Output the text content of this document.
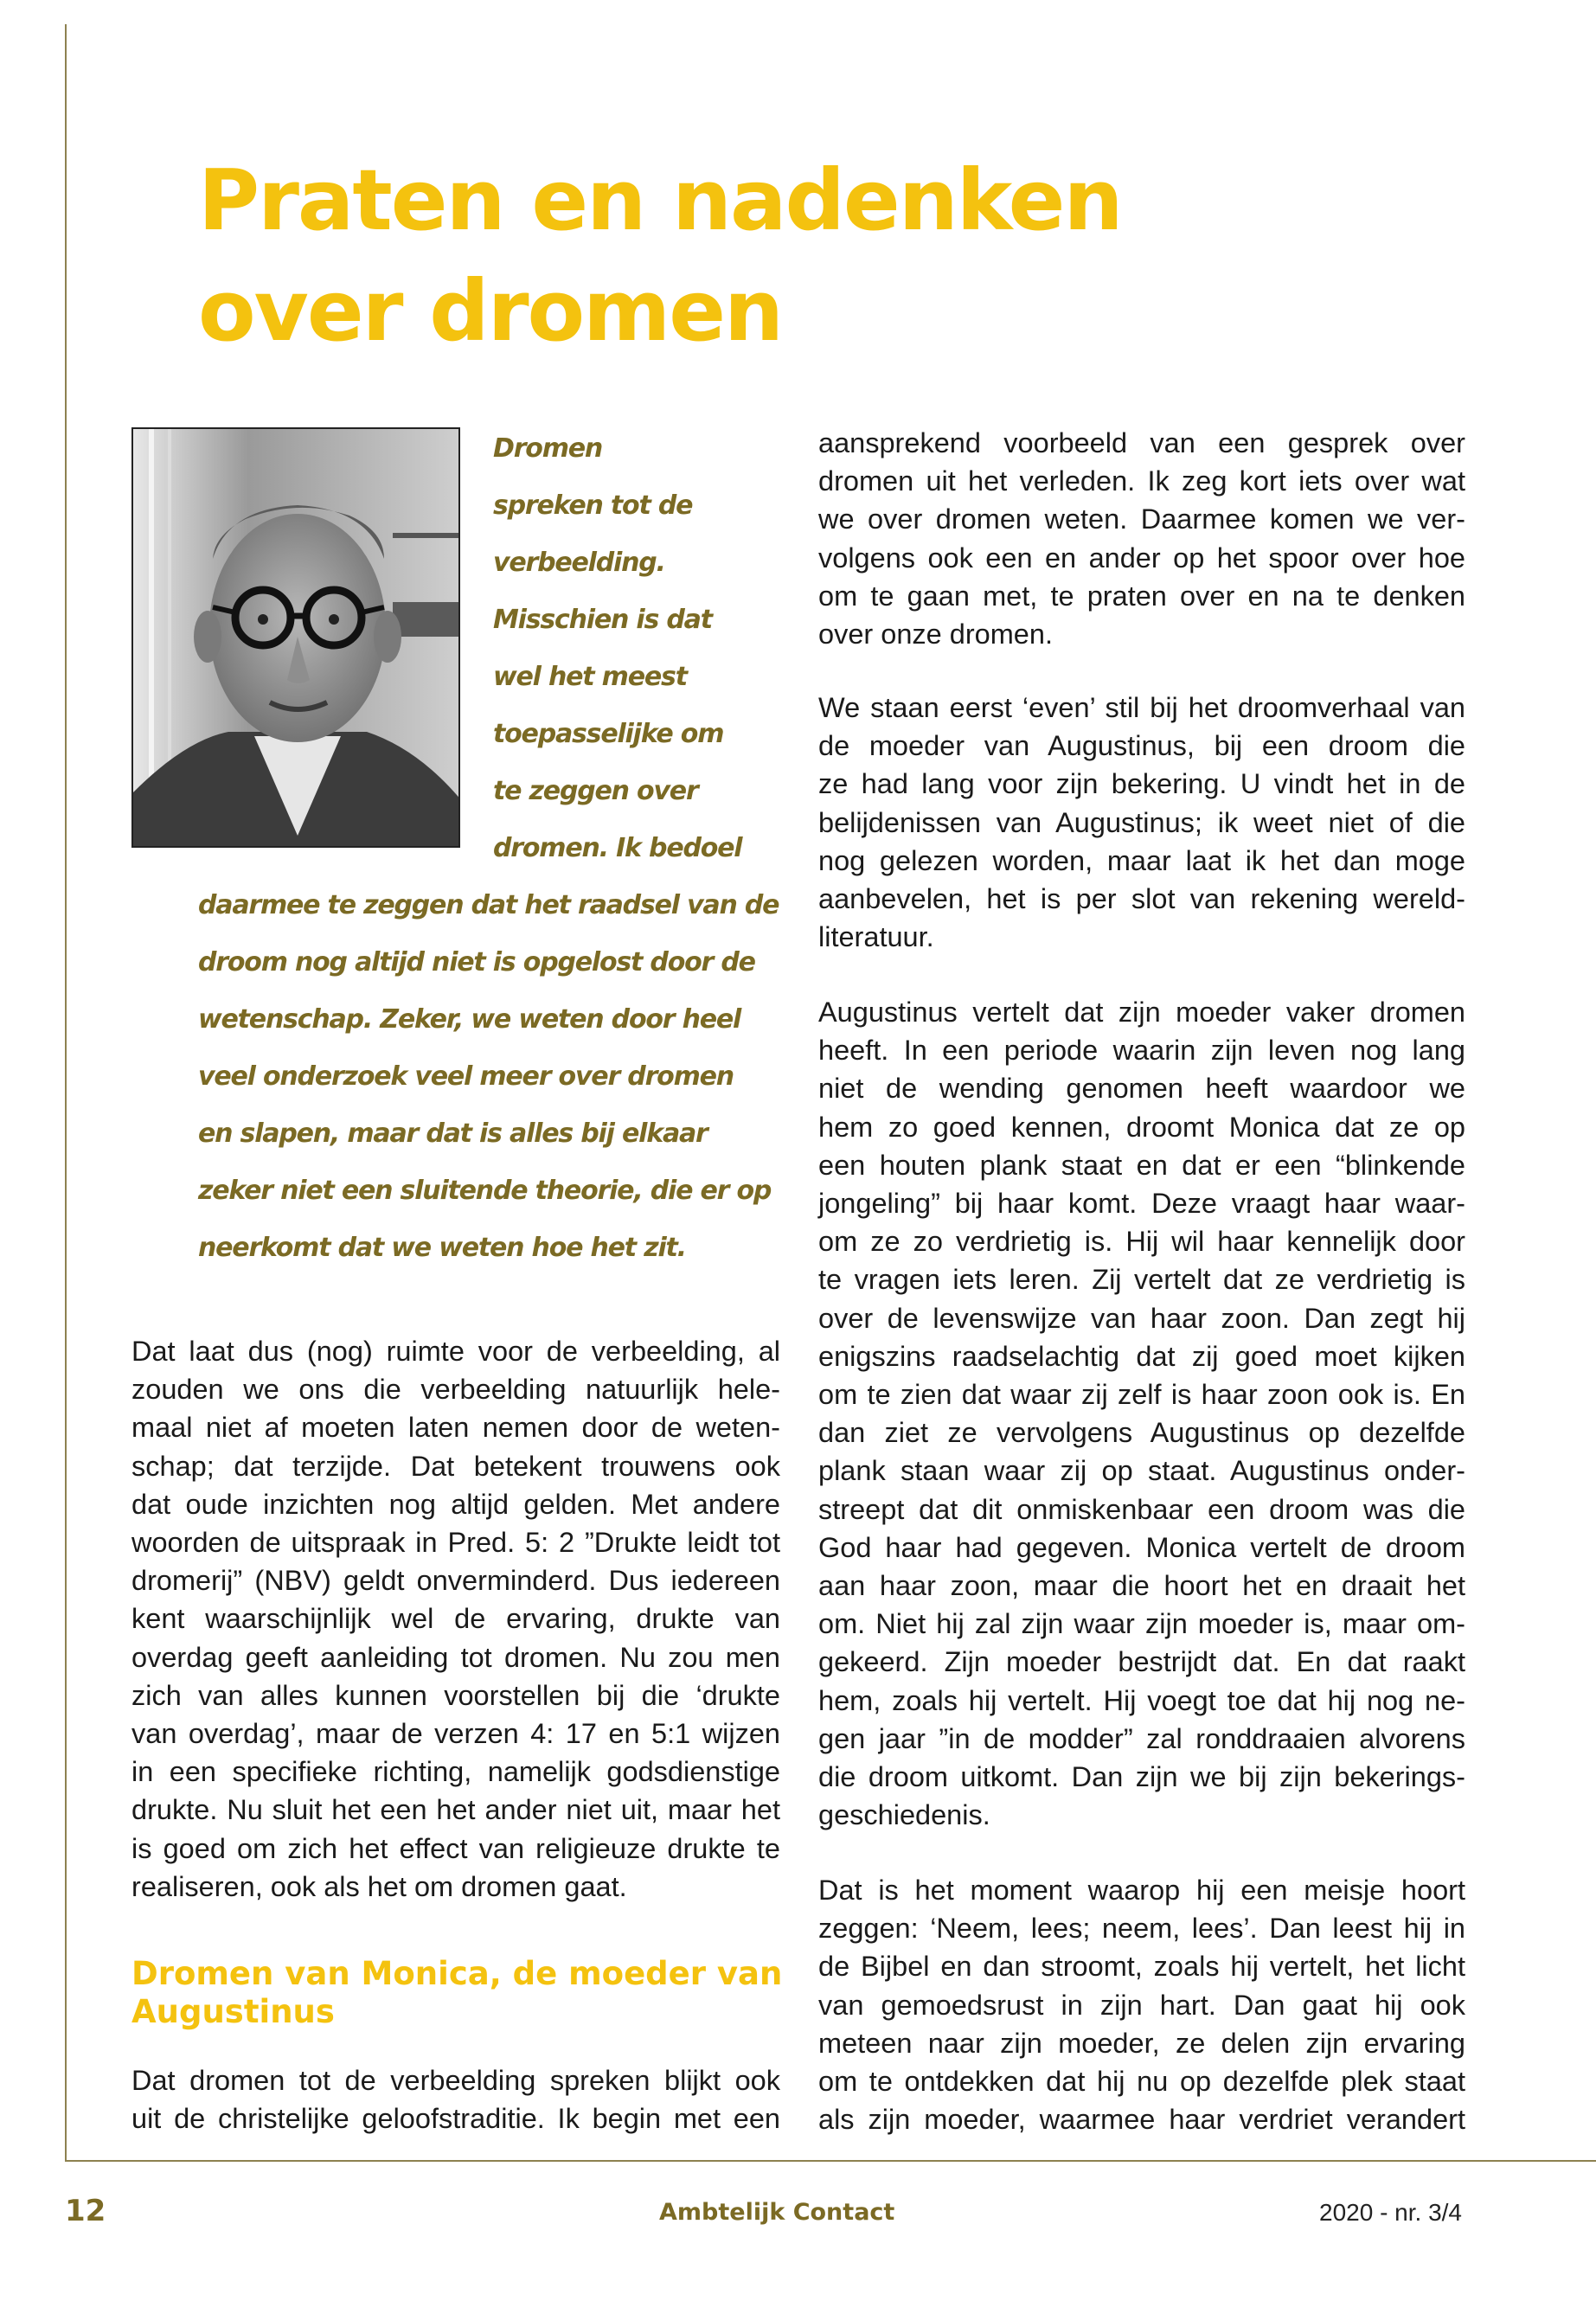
Praten en nadenken
over dromen
Dromen
spreken tot de
verbeelding.
Misschien is dat
wel het meest
toepasselijke om
te zeggen over
dromen. Ik bedoel
daarmee te zeggen dat het raadsel van de
droom nog altijd niet is opgelost door de
wetenschap. Zeker, we weten door heel
veel onderzoek veel meer over dromen
en slapen, maar dat is alles bij elkaar
zeker niet een sluitende theorie, die er op
neerkomt dat we weten hoe het zit.
Dat laat dus (nog) ruimte voor de verbeelding, al
zouden we ons die verbeelding natuurlijk hele-
maal niet af moeten laten nemen door de weten-
schap; dat terzijde. Dat betekent trouwens ook
dat oude inzichten nog altijd gelden. Met andere
woorden de uitspraak in Pred. 5: 2 ”Drukte leidt tot
dromerij” (NBV) geldt onverminderd. Dus iedereen
kent waarschijnlijk wel de ervaring, drukte van
overdag geeft aanleiding tot dromen. Nu zou men
zich van alles kunnen voorstellen bij die ‘drukte
van overdag’, maar de verzen 4: 17 en 5:1 wijzen
in een specifieke richting, namelijk godsdienstige
drukte. Nu sluit het een het ander niet uit, maar het
is goed om zich het effect van religieuze drukte te
realiseren, ook als het om dromen gaat.
Dromen van Monica, de moeder van
Augustinus
Dat dromen tot de verbeelding spreken blijkt ook
uit de christelijke geloofstraditie. Ik begin met een
aansprekend voorbeeld van een gesprek over
dromen uit het verleden. Ik zeg kort iets over wat
we over dromen weten. Daarmee komen we ver-
volgens ook een en ander op het spoor over hoe
om te gaan met, te praten over en na te denken
over onze dromen.
We staan eerst ‘even’ stil bij het droomverhaal van
de moeder van Augustinus, bij een droom die
ze had lang voor zijn bekering. U vindt het in de
belijdenissen van Augustinus; ik weet niet of die
nog gelezen worden, maar laat ik het dan moge
aanbevelen, het is per slot van rekening wereld-
literatuur.
Augustinus vertelt dat zijn moeder vaker dromen
heeft. In een periode waarin zijn leven nog lang
niet de wending genomen heeft waardoor we
hem zo goed kennen, droomt Monica dat ze op
een houten plank staat en dat er een “blinkende
jongeling” bij haar komt. Deze vraagt haar waar-
om ze zo verdrietig is. Hij wil haar kennelijk door
te vragen iets leren. Zij vertelt dat ze verdrietig is
over de levenswijze van haar zoon. Dan zegt hij
enigszins raadselachtig dat zij goed moet kijken
om te zien dat waar zij zelf is haar zoon ook is. En
dan ziet ze vervolgens Augustinus op dezelfde
plank staan waar zij op staat. Augustinus onder-
streept dat dit onmiskenbaar een droom was die
God haar had gegeven. Monica vertelt de droom
aan haar zoon, maar die hoort het en draait het
om. Niet hij zal zijn waar zijn moeder is, maar om-
gekeerd. Zijn moeder bestrijdt dat. En dat raakt
hem, zoals hij vertelt. Hij voegt toe dat hij nog ne-
gen jaar ”in de modder” zal ronddraaien alvorens
die droom uitkomt. Dan zijn we bij zijn bekerings-
geschiedenis.
Dat is het moment waarop hij een meisje hoort
zeggen: ‘Neem, lees; neem, lees’. Dan leest hij in
de Bijbel en dan stroomt, zoals hij vertelt, het licht
van gemoedsrust in zijn hart. Dan gaat hij ook
meteen naar zijn moeder, ze delen zijn ervaring
om te ontdekken dat hij nu op dezelfde plek staat
als zijn moeder, waarmee haar verdriet verandert
12	Ambtelijk Contact	2020 - nr. 3/4
